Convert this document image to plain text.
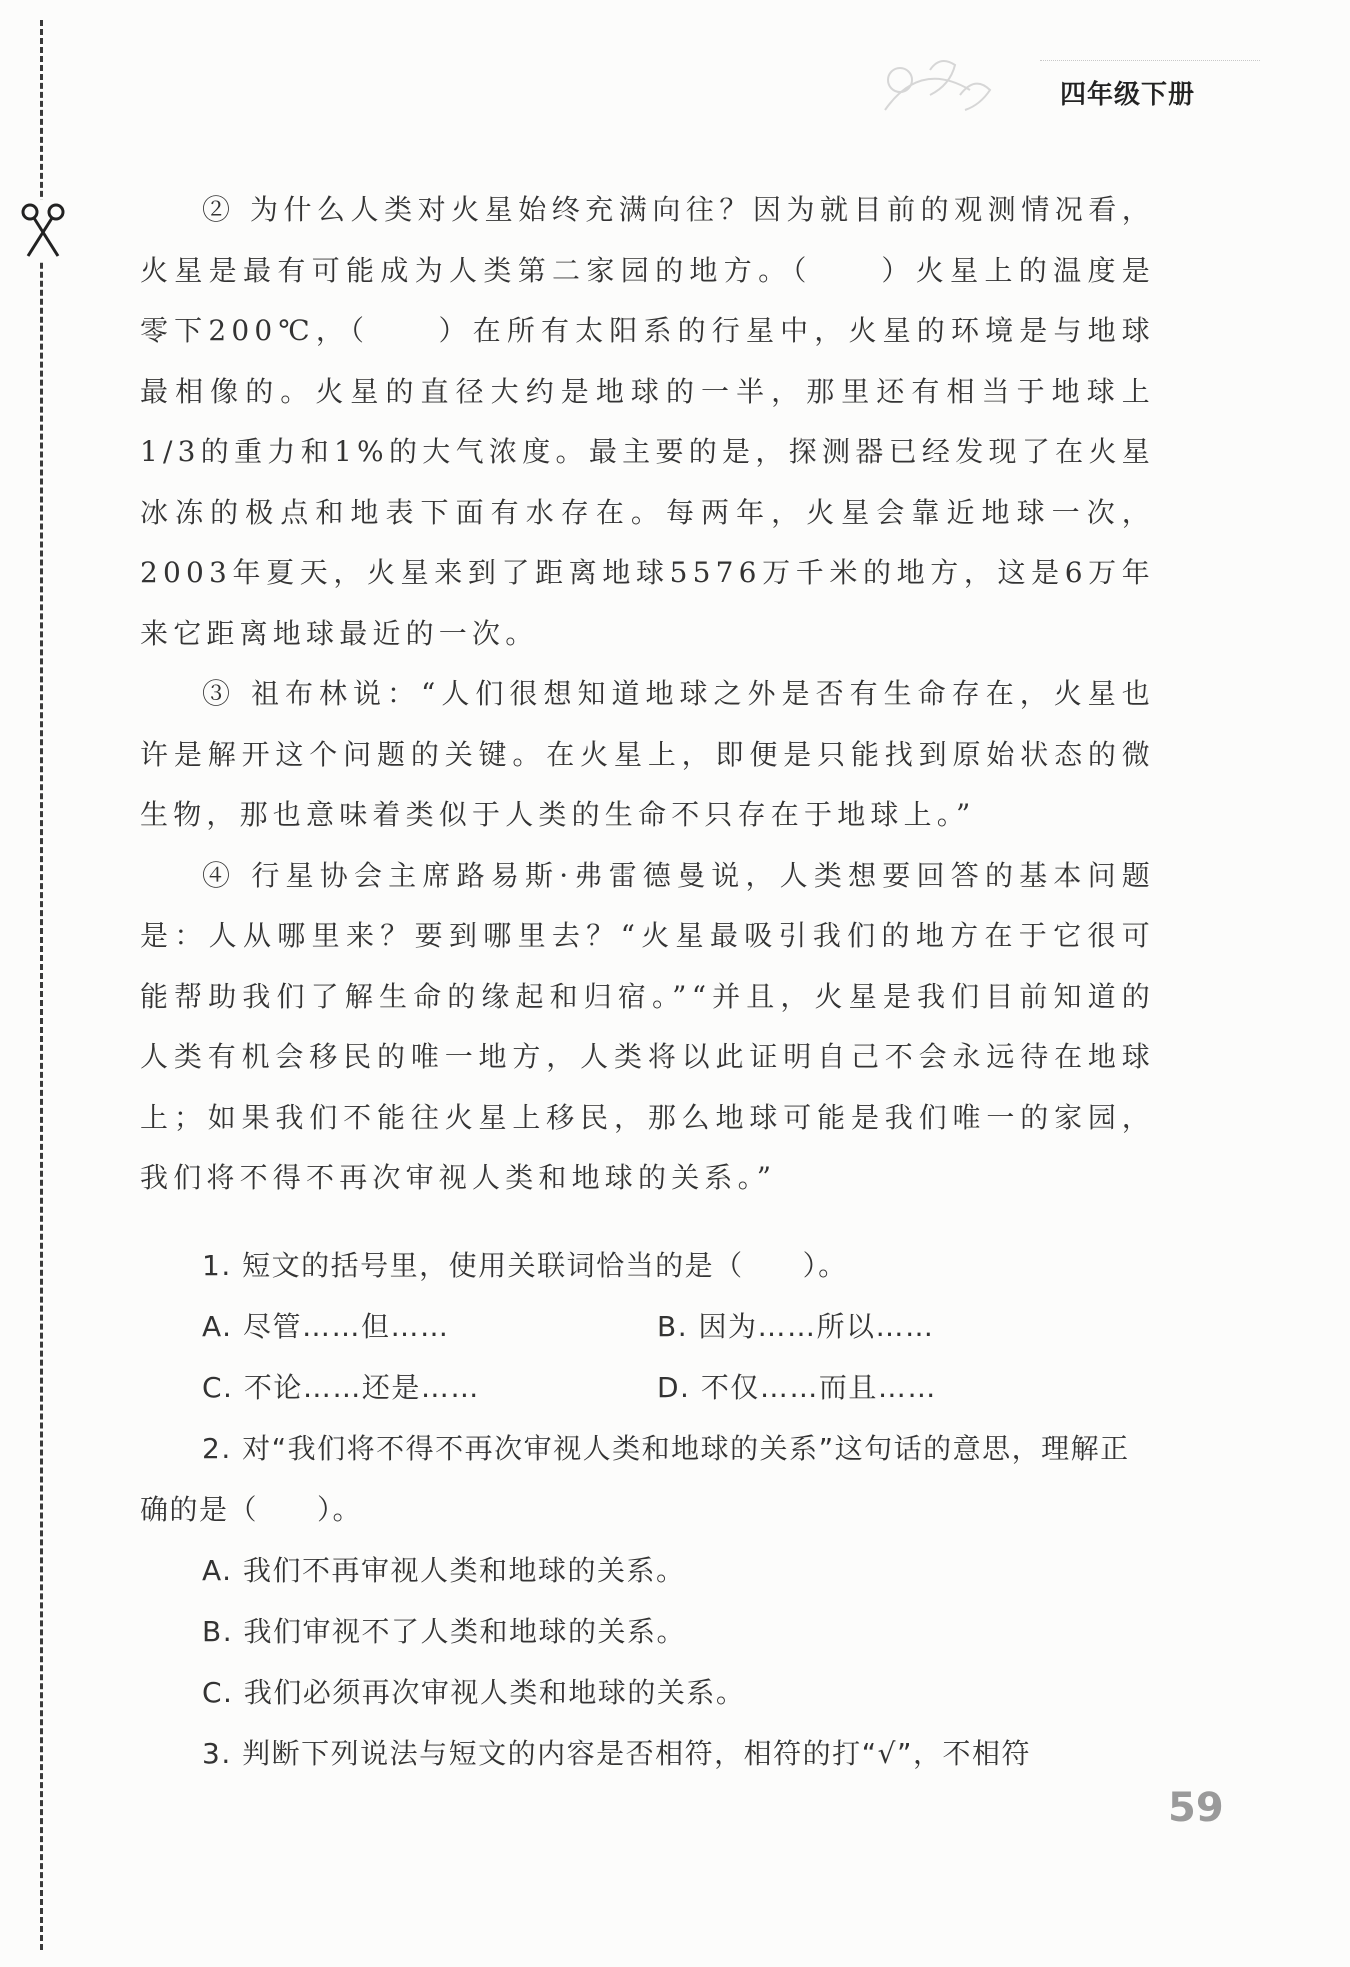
四年级下册

② 为什么人类对火星始终充满向往？因为就目前的观测情况看，火星是最有可能成为人类第二家园的地方。（　　）火星上的温度是零下200℃，（　　）在所有太阳系的行星中，火星的环境是与地球最相像的。火星的直径大约是地球的一半，那里还有相当于地球上1/3的重力和1%的大气浓度。最主要的是，探测器已经发现了在火星冰冻的极点和地表下面有水存在。每两年，火星会靠近地球一次，2003年夏天，火星来到了距离地球5576万千米的地方，这是6万年来它距离地球最近的一次。

③ 祖布林说：“人们很想知道地球之外是否有生命存在，火星也许是解开这个问题的关键。在火星上，即便是只能找到原始状态的微生物，那也意味着类似于人类的生命不只存在于地球上。”

④ 行星协会主席路易斯·弗雷德曼说，人类想要回答的基本问题是：人从哪里来？要到哪里去？“火星最吸引我们的地方在于它很可能帮助我们了解生命的缘起和归宿。”“并且，火星是我们目前知道的人类有机会移民的唯一地方，人类将以此证明自己不会永远待在地球上；如果我们不能往火星上移民，那么地球可能是我们唯一的家园，我们将不得不再次审视人类和地球的关系。”

1. 短文的括号里，使用关联词恰当的是（　　）。

A. 尽管……但……	B. 因为……所以……
C. 不论……还是……	D. 不仅……而且……

2. 对“我们将不得不再次审视人类和地球的关系”这句话的意思，理解正确的是（　　）。

A. 我们不再审视人类和地球的关系。

B. 我们审视不了人类和地球的关系。

C. 我们必须再次审视人类和地球的关系。

3. 判断下列说法与短文的内容是否相符，相符的打“√”，不相符

59
